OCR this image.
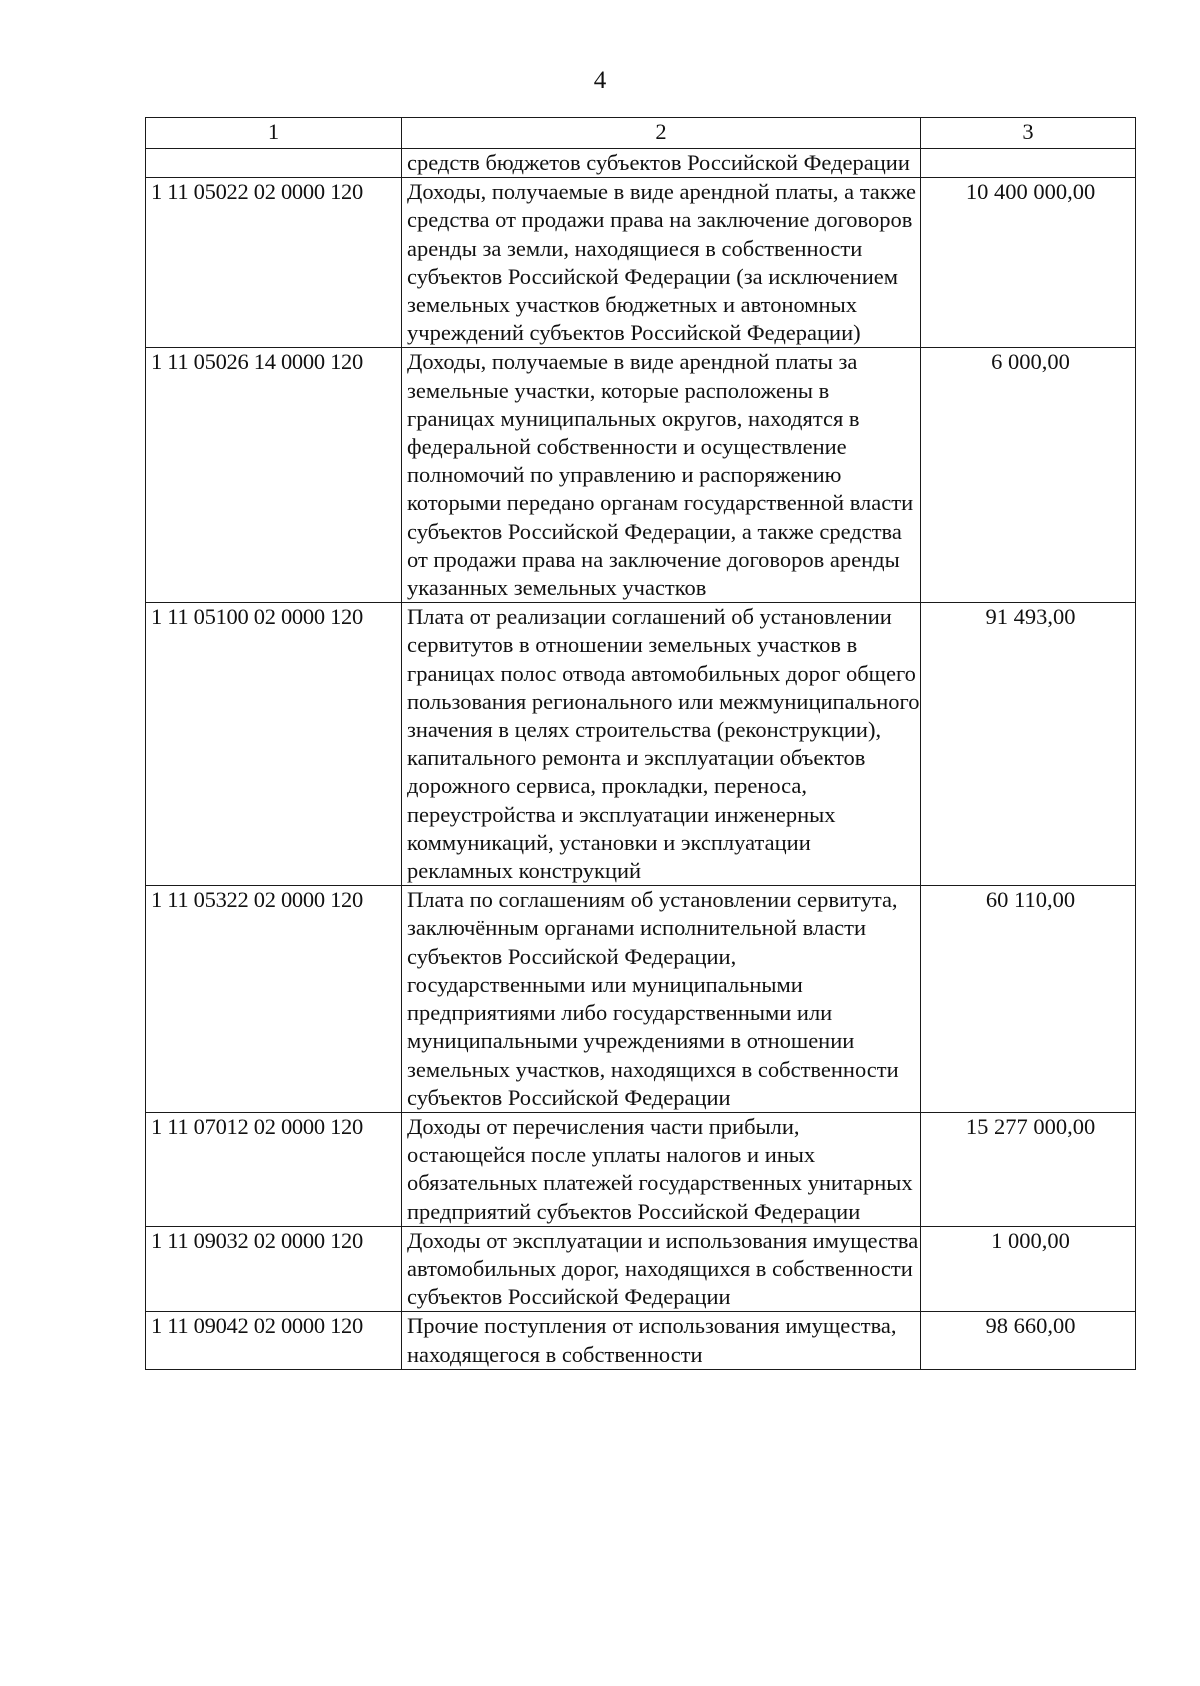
4
1	2	3
	средств бюджетов субъектов Российской Федерации	
1 11 05022 02 0000 120	Доходы, получаемые в виде арендной платы, а также средства от продажи права на заключение договоров аренды за земли, находящиеся в собственности субъектов Российской Федерации (за исключением земельных участков бюджетных и автономных учреждений субъектов Российской Федерации)	10 400 000,00
1 11 05026 14 0000 120	Доходы, получаемые в виде арендной платы за земельные участки, которые расположены в границах муниципальных округов, находятся в федеральной собственности и осуществление полномочий по управлению и распоряжению которыми передано органам государственной власти субъектов Российской Федерации, а также средства от продажи права на заключение договоров аренды указанных земельных участков	6 000,00
1 11 05100 02 0000 120	Плата от реализации соглашений об установлении сервитутов в отношении земельных участков в границах полос отвода автомобильных дорог общего пользования регионального или межмуниципального значения в целях строительства (реконструкции), капитального ремонта и эксплуатации объектов дорожного сервиса, прокладки, переноса, переустройства и эксплуатации инженерных коммуникаций, установки и эксплуатации рекламных конструкций	91 493,00
1 11 05322 02 0000 120	Плата по соглашениям об установлении сервитута, заключённым органами исполнительной власти субъектов Российской Федерации, государственными или муниципальными предприятиями либо государственными или муниципальными учреждениями в отношении земельных участков, находящихся в собственности субъектов Российской Федерации	60 110,00
1 11 07012 02 0000 120	Доходы от перечисления части прибыли, остающейся после уплаты налогов и иных обязательных платежей государственных унитарных предприятий субъектов Российской Федерации	15 277 000,00
1 11 09032 02 0000 120	Доходы от эксплуатации и использования имущества автомобильных дорог, находящихся в собственности субъектов Российской Федерации	1 000,00
1 11 09042 02 0000 120	Прочие поступления от использования имущества, находящегося в собственности	98 660,00
